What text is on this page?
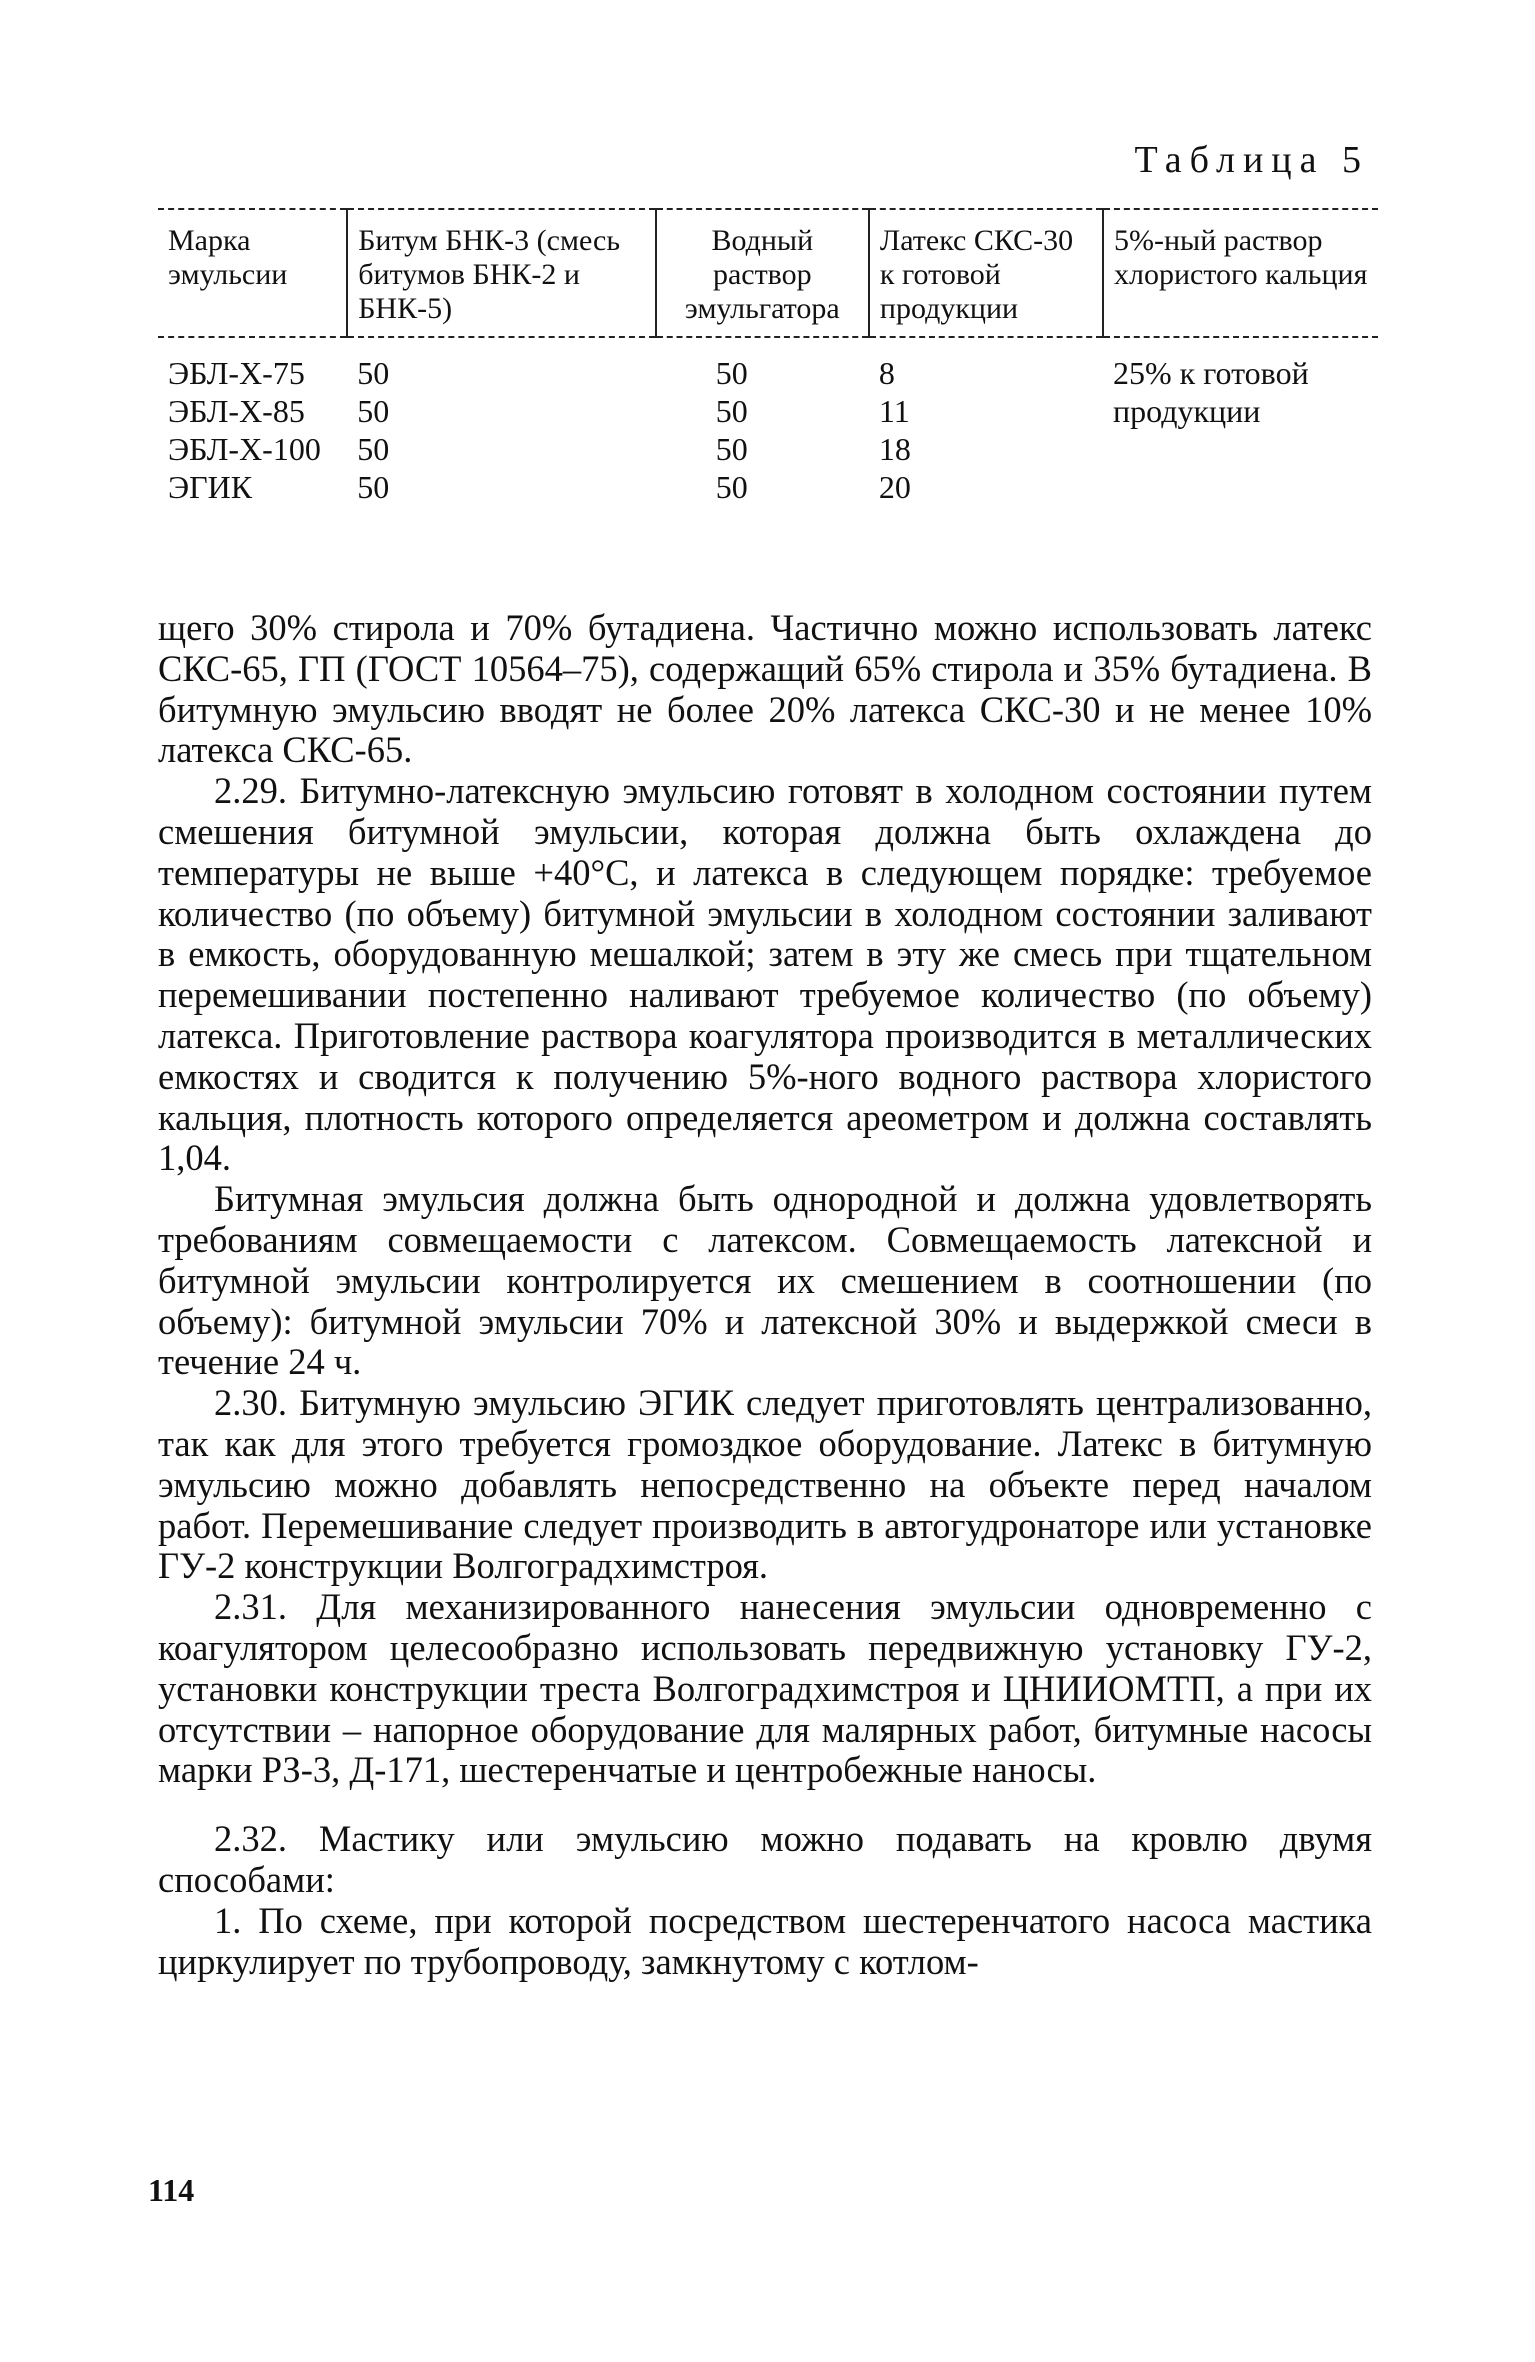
Таблица 5
Марка эмульсии	Битум БНК-3 (смесь битумов БНК-2 и БНК-5)	Водный раствор эмульгатора	Латекс СКС-30 к готовой продукции	5%-ный раствор хлористого кальция
ЭБЛ-Х-75	50	50	8	25% к готовой продукции
ЭБЛ-Х-85	50	50	11	
ЭБЛ-Х-100	50	50	18	
ЭГИК	50	50	20	

щего 30% стирола и 70% бутадиена. Частично можно использовать латекс СКС-65, ГП (ГОСТ 10564–75), содержащий 65% стирола и 35% бутадиена. В битумную эмульсию вводят не более 20% латекса СКС-30 и не менее 10% латекса СКС-65.

2.29. Битумно-латексную эмульсию готовят в холодном состоянии путем смешения битумной эмульсии, которая должна быть охлаждена до температуры не выше +40°С, и латекса в следующем порядке: требуемое количество (по объему) битумной эмульсии в холодном состоянии заливают в емкость, оборудованную мешалкой; затем в эту же смесь при тщательном перемешивании постепенно наливают требуемое количество (по объему) латекса. Приготовление раствора коагулятора производится в металлических емкостях и сводится к получению 5%-ного водного раствора хлористого кальция, плотность которого определяется ареометром и должна составлять 1,04.

Битумная эмульсия должна быть однородной и должна удовлетворять требованиям совмещаемости с латексом. Совмещаемость латексной и битумной эмульсии контролируется их смешением в соотношении (по объему): битумной эмульсии 70% и латексной 30% и выдержкой смеси в течение 24 ч.

2.30. Битумную эмульсию ЭГИК следует приготовлять централизованно, так как для этого требуется громоздкое оборудование. Латекс в битумную эмульсию можно добавлять непосредственно на объекте перед началом работ. Перемешивание следует производить в автогудронаторе или установке ГУ-2 конструкции Волгоградхимстроя.

2.31. Для механизированного нанесения эмульсии одновременно с коагулятором целесообразно использовать передвижную установку ГУ-2, установки конструкции треста Волгоградхимстроя и ЦНИИОМТП, а при их отсутствии – напорное оборудование для малярных работ, битумные насосы марки РЗ-3, Д-171, шестеренчатые и центробежные наносы.

2.32. Мастику или эмульсию можно подавать на кровлю двумя способами:

1. По схеме, при которой посредством шестеренчатого насоса мастика циркулирует по трубопроводу, замкнутому с котлом-

114
